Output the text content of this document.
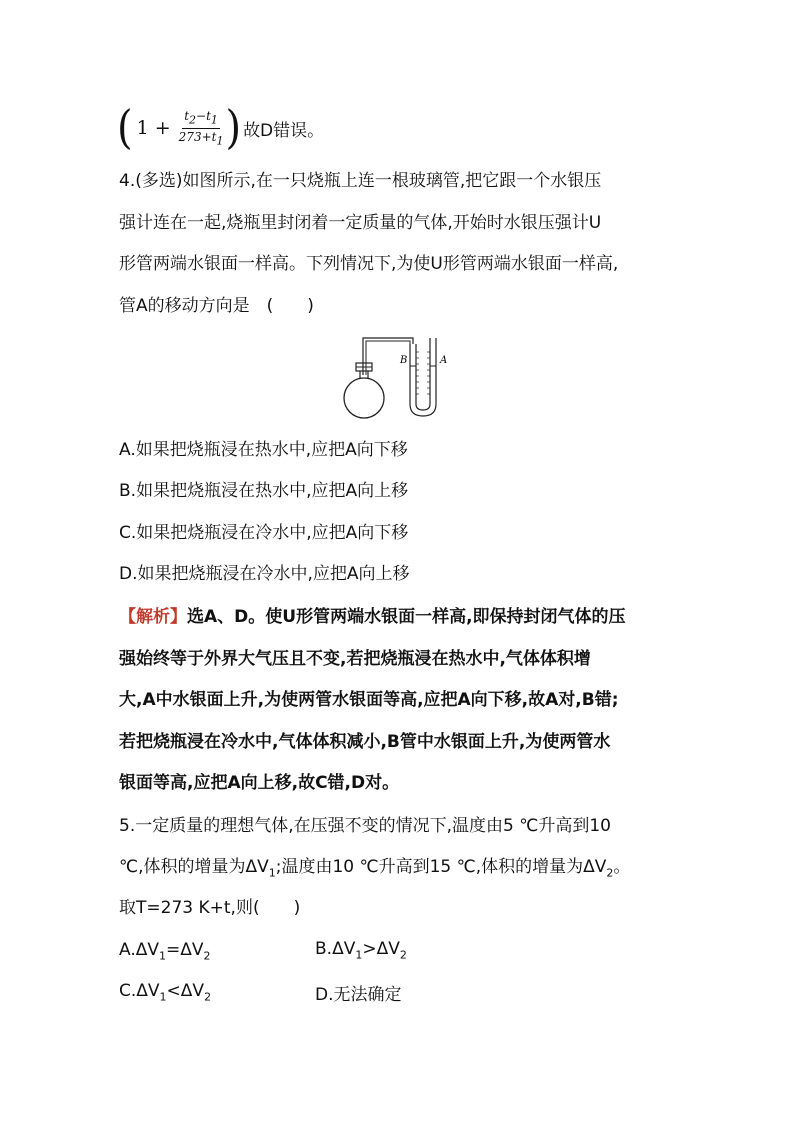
( $1 + \frac{t_2-t_1}{273+t_1}$ ) 故D错误。
4.(多选)如图所示,在一只烧瓶上连一根玻璃管,把它跟一个水银压
强计连在一起,烧瓶里封闭着一定质量的气体,开始时水银压强计U
形管两端水银面一样高。下列情况下,为使U形管两端水银面一样高,
管A的移动方向是　(　　)
B	A
A.如果把烧瓶浸在热水中,应把A向下移
B.如果把烧瓶浸在热水中,应把A向上移
C.如果把烧瓶浸在冷水中,应把A向下移
D.如果把烧瓶浸在冷水中,应把A向上移
【解析】选A、D。使U形管两端水银面一样高,即保持封闭气体的压
强始终等于外界大气压且不变,若把烧瓶浸在热水中,气体体积增
大,A中水银面上升,为使两管水银面等高,应把A向下移,故A对,B错;
若把烧瓶浸在冷水中,气体体积减小,B管中水银面上升,为使两管水
银面等高,应把A向上移,故C错,D对。
5.一定质量的理想气体,在压强不变的情况下,温度由5 ℃升高到10
℃,体积的增量为$\Delta V_1$;温度由10 ℃升高到15 ℃,体积的增量为$\Delta V_2$。
取T=273 K+t,则(　　)
$A.\Delta V_1=\Delta V_2$	$B.\Delta V_1>\Delta V_2$
$C.\Delta V_1<\Delta V_2$	D.无法确定
